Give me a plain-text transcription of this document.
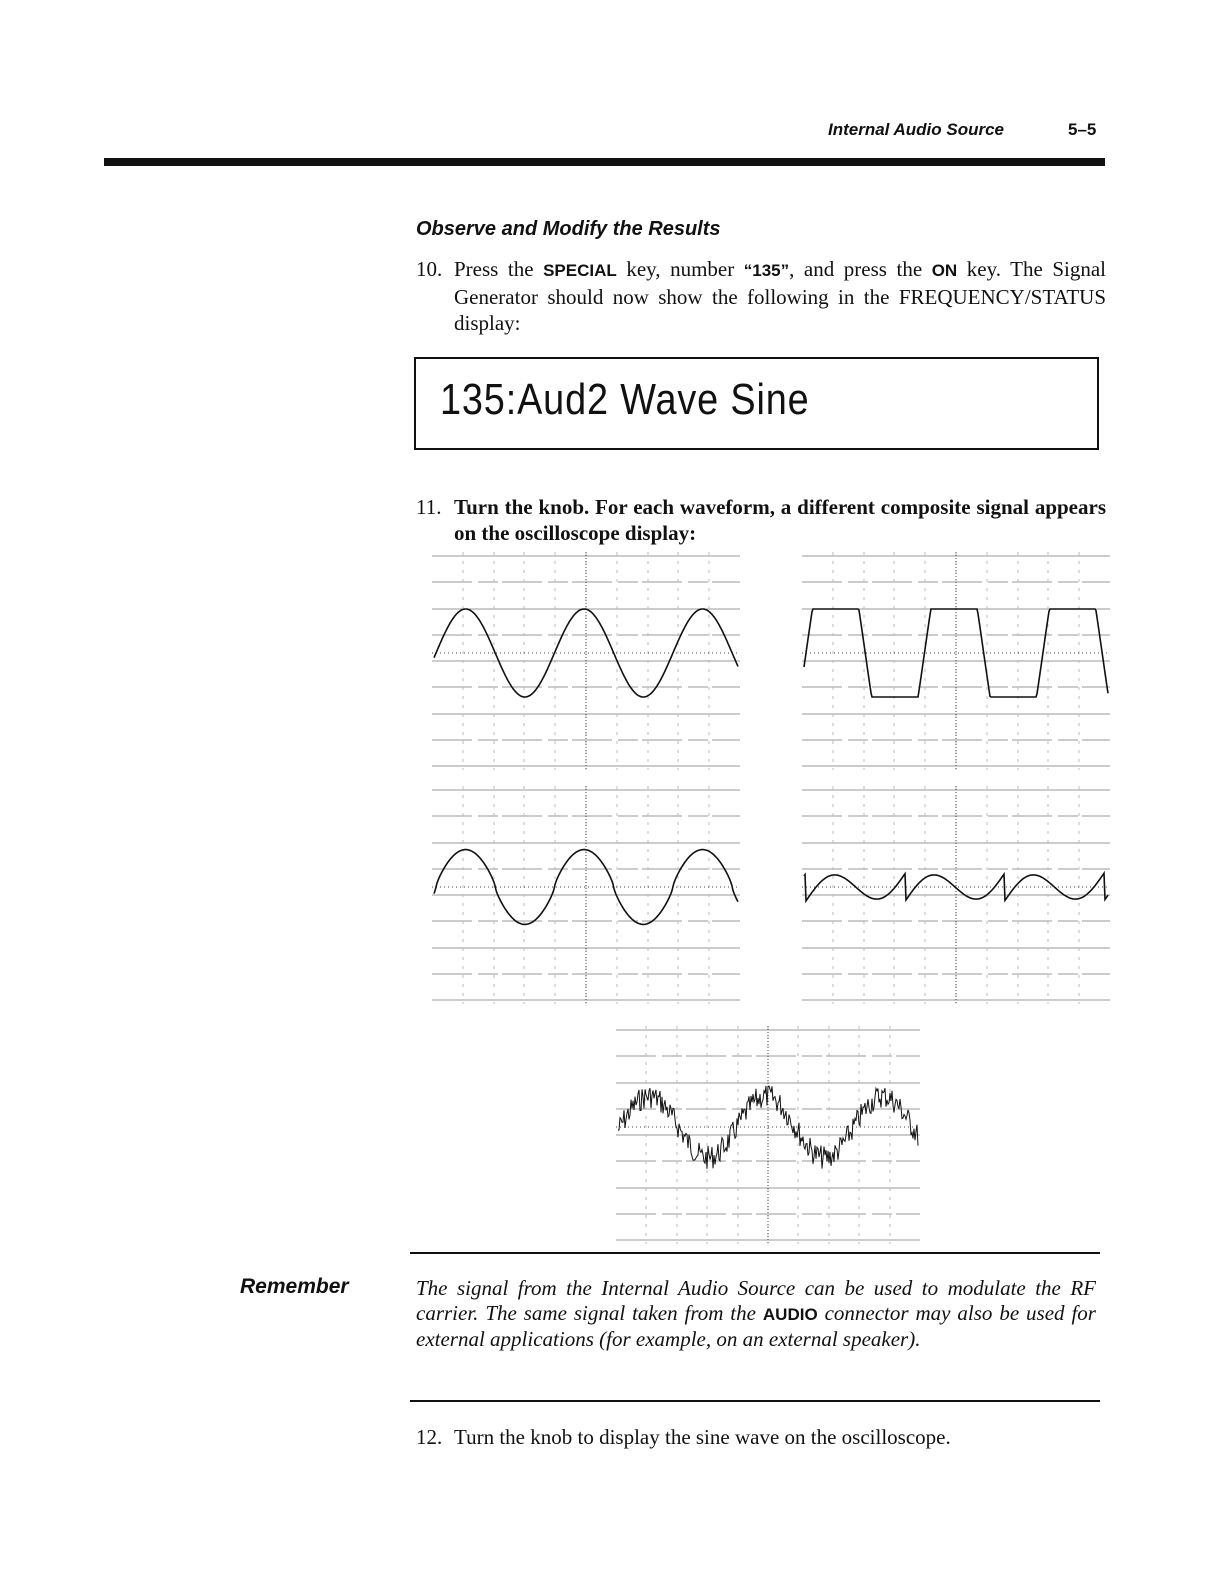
Internal Audio Source	5–5
Observe and Modify the Results
10. Press the SPECIAL key, number “135”, and press the ON key. The Signal Generator should now show the following in the FREQUENCY/STATUS display:
135:Aud2 Wave Sine
11. Turn the knob. For each waveform, a different composite signal appears on the oscilloscope display:
Remember	The signal from the Internal Audio Source can be used to modulate the RF carrier. The same signal taken from the AUDIO connector may also be used for external applications (for example, on an external speaker).
12. Turn the knob to display the sine wave on the oscilloscope.
